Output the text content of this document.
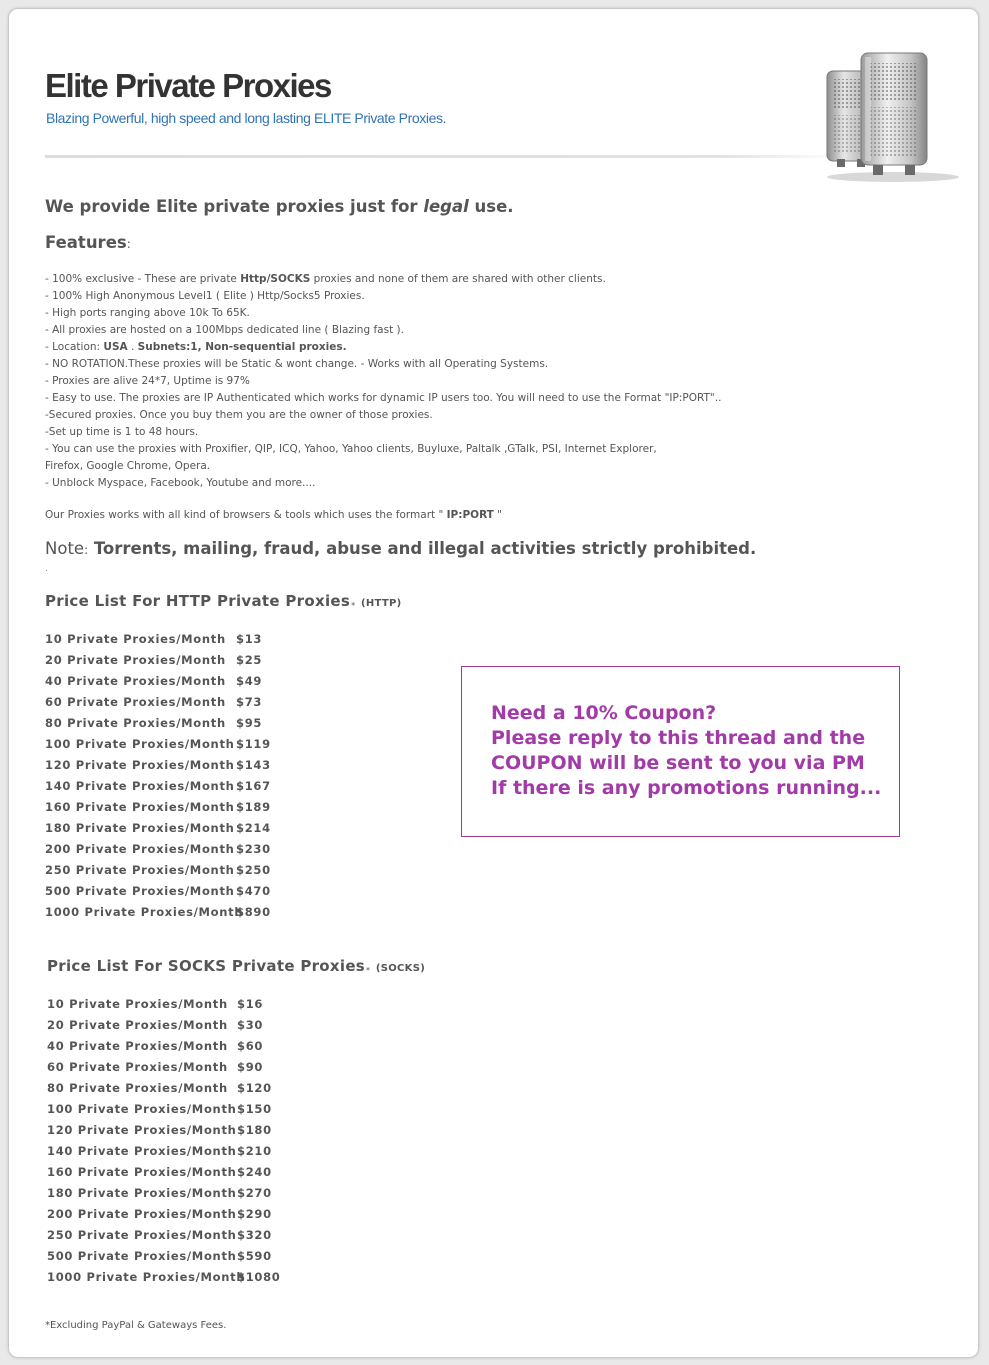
Elite Private Proxies
Blazing Powerful, high speed and long lasting ELITE Private Proxies.
We provide Elite private proxies just for legal use.
Features:
- 100% exclusive - These are private Http/SOCKS proxies and none of them are shared with other clients.
- 100% High Anonymous Level1 ( Elite ) Http/Socks5 Proxies.
- High ports ranging above 10k To 65K.
- All proxies are hosted on a 100Mbps dedicated line ( Blazing fast ).
- Location: USA . Subnets:1, Non-sequential proxies.
- NO ROTATION.These proxies will be Static & wont change. - Works with all Operating Systems.
- Proxies are alive 24*7, Uptime is 97%
- Easy to use. The proxies are IP Authenticated which works for dynamic IP users too. You will need to use the Format "IP:PORT"..
-Secured proxies. Once you buy them you are the owner of those proxies.
-Set up time is 1 to 48 hours.
- You can use the proxies with Proxifier, QIP, ICQ, Yahoo, Yahoo clients, Buyluxe, Paltalk ,GTalk, PSI, Internet Explorer,
Firefox, Google Chrome, Opera.
- Unblock Myspace, Facebook, Youtube and more....
Our Proxies works with all kind of browsers & tools which uses the formart " IP:PORT "
Note: Torrents, mailing, fraud, abuse and illegal activities strictly prohibited.
.
Price List For HTTP Private Proxies* (HTTP)
10 Private Proxies/Month $13
20 Private Proxies/Month $25
40 Private Proxies/Month $49
60 Private Proxies/Month $73
80 Private Proxies/Month $95
100 Private Proxies/Month $119
120 Private Proxies/Month $143
140 Private Proxies/Month $167
160 Private Proxies/Month $189
180 Private Proxies/Month $214
200 Private Proxies/Month $230
250 Private Proxies/Month $250
500 Private Proxies/Month $470
1000 Private Proxies/Month
$890
Price List For SOCKS Private Proxies* (SOCKS)
10 Private Proxies/Month $16
20 Private Proxies/Month $30
40 Private Proxies/Month $60
60 Private Proxies/Month $90
80 Private Proxies/Month $120
100 Private Proxies/Month $150
120 Private Proxies/Month $180
140 Private Proxies/Month $210
160 Private Proxies/Month $240
180 Private Proxies/Month $270
200 Private Proxies/Month $290
250 Private Proxies/Month $320
500 Private Proxies/Month $590
1000 Private Proxies/Month
$1080
Need a 10% Coupon?
Please reply to this thread and the
COUPON will be sent to you via PM
If there is any promotions running...
*Excluding PayPal & Gateways Fees.
